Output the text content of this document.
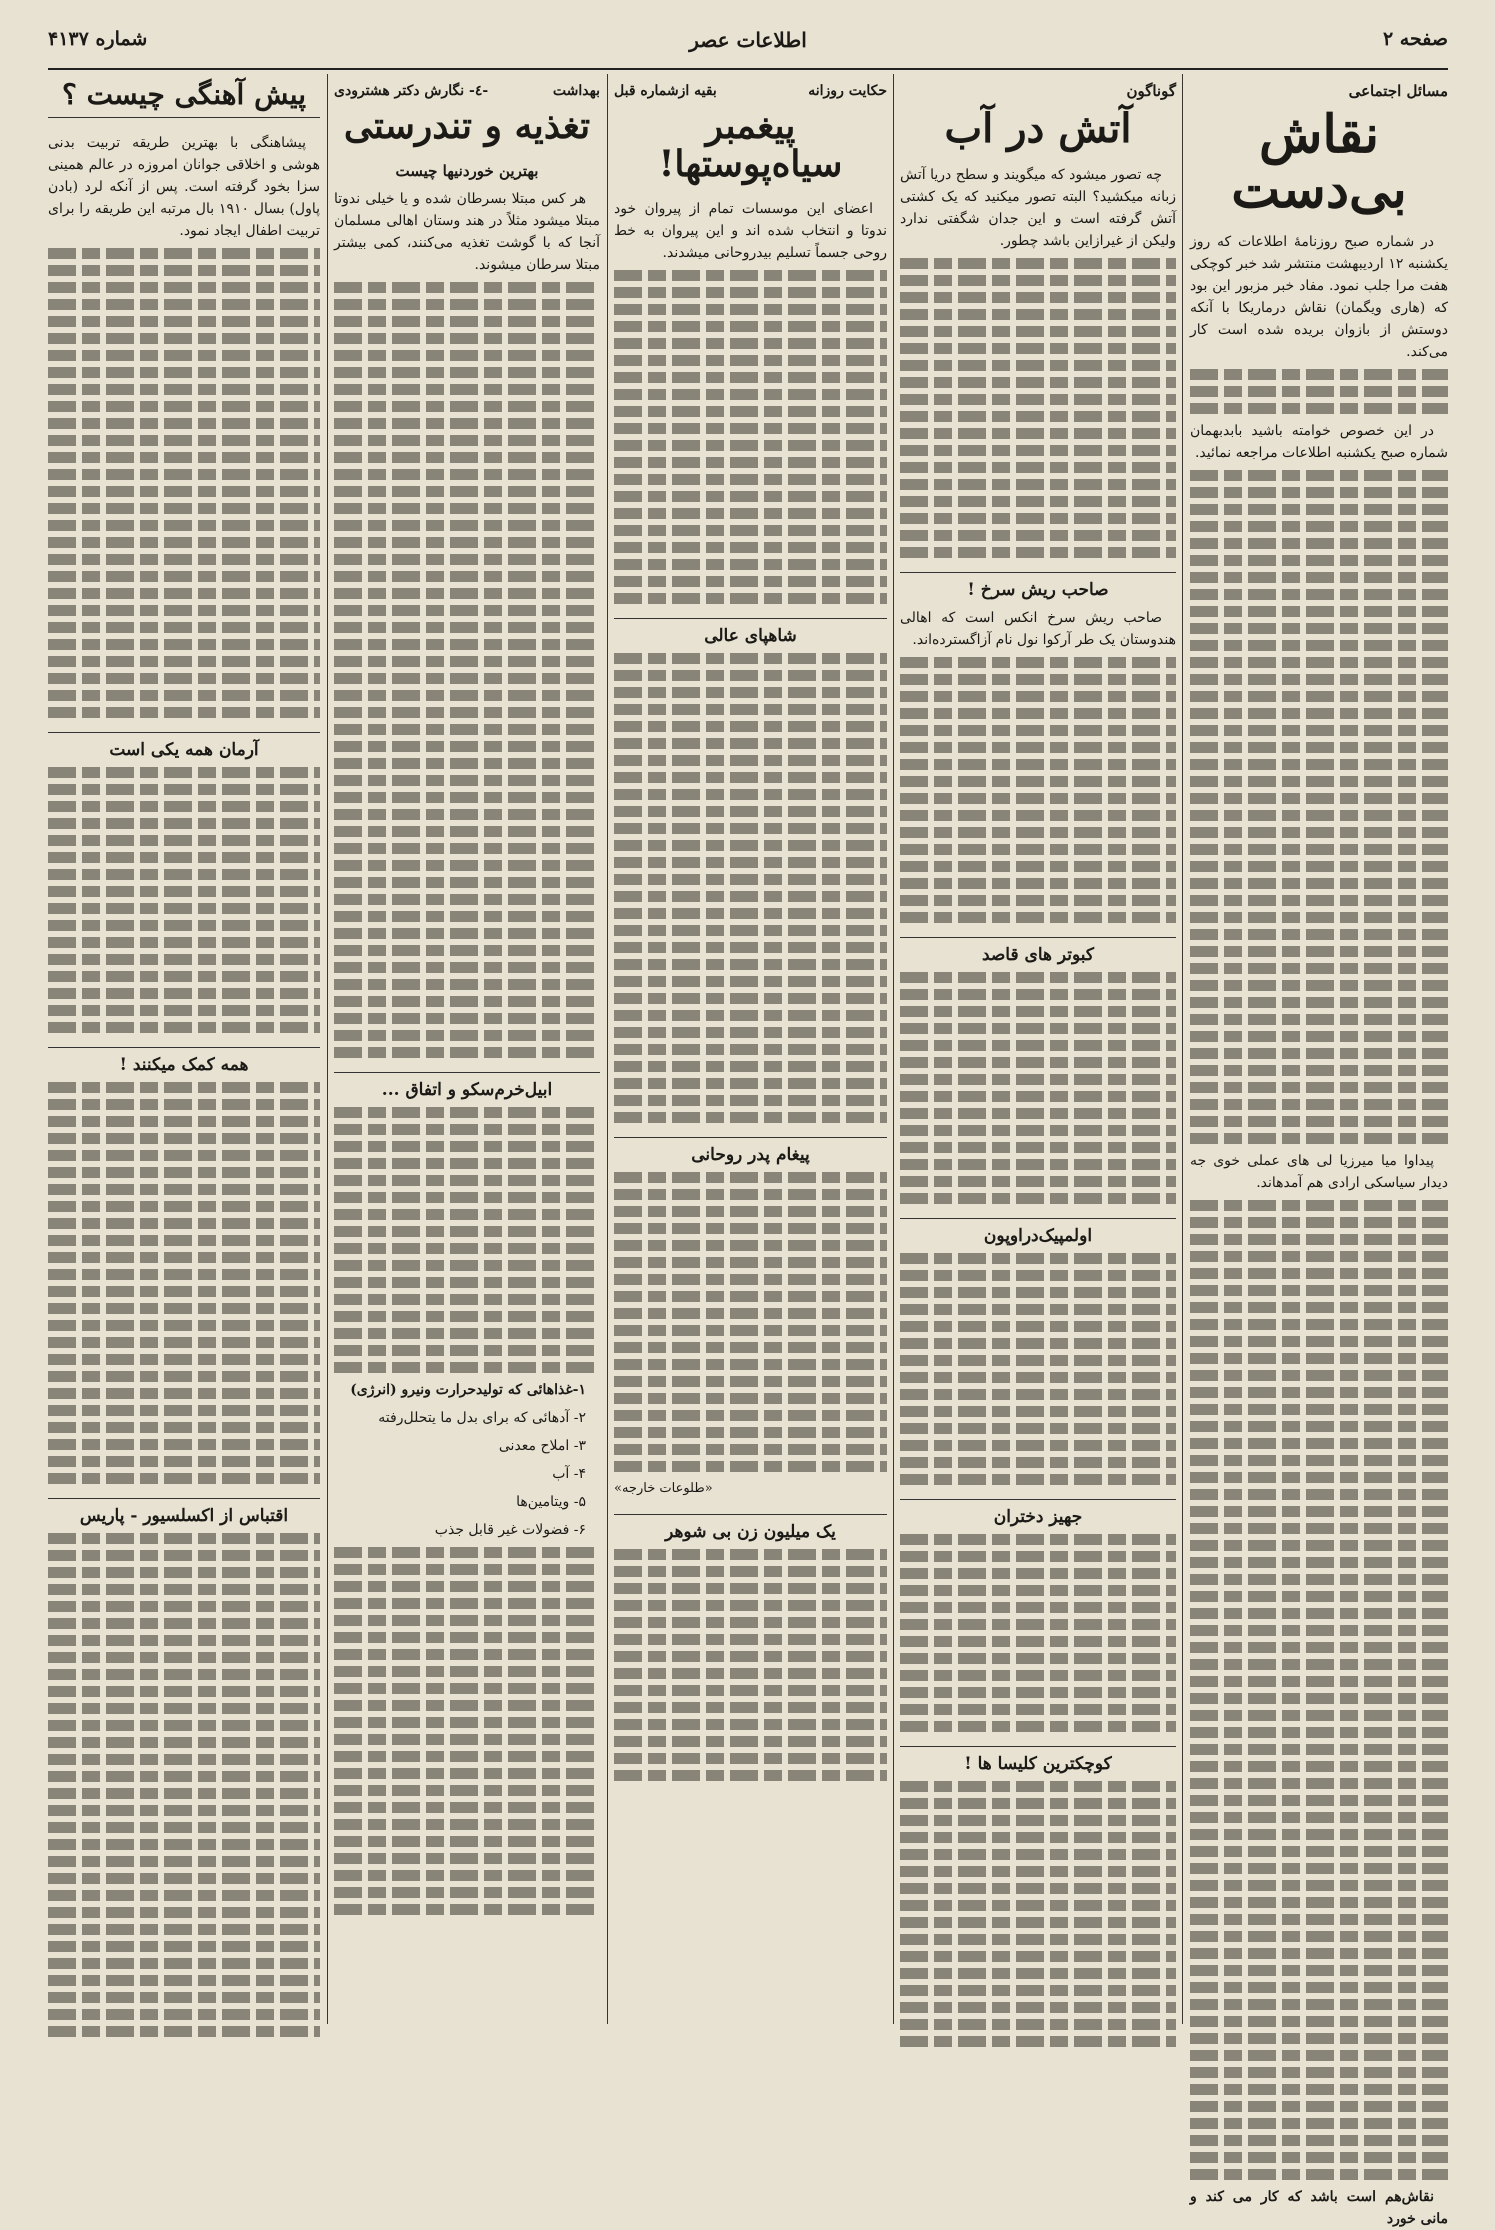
صفحه ۲
اطلاعات عصر
شماره ۴۱۳۷
مسائل اجتماعی
نقاش بی‌دست

در شماره صبح روزنامهٔ اطلاعات که روز یکشنبه ۱۲ اردیبهشت منتشر شد خبر کوچکی هفت مرا جلب نمود. مفاد خبر مزبور این بود که (هاری ویگمان) نقاش درماریکا با آنکه دوستش از بازوان بریده شده است کار می‌کند.

در این خصوص خوامته باشید بابدبهمان شماره صبح یکشنبه اطلاعات مراجعه نمائید.

پیداوا میا میرزیا لی های عملی خوی جه دیدار سیاسکی ارادی هم آمدهاند.

نقاش‌هم‌ است باشد که کار می کند و مانی‌ خورد

گوناگون
آتش در آب

چه تصور میشود که میگویند و سطح دریا آتش زبانه میکشید؟ البته تصور میکنید که یک کشتی آتش گرفته است و این جدان شگفتی ندارد ولیکن از غیرازاین باشد چطور.

صاحب ریش سرخ !

صاحب ریش سرخ انکس است که اهالی هندوستان یک طر آرکوا نول نام آزاگسترده‌اند.

کبوتر های قاصد
اولمپیک‌دراوپون
جهیز دختران
کوچکترین کلیسا ها !
حکایت روزانه
بقیه ازشماره قبل
پیغمبر سیاه‌پوستها!

اعضای این موسسات تمام از پیروان خود ندوتا و انتخاب شده اند و این پیروان به خط روحی جسماً تسلیم بیدروحانی میشدند.

شاهپای عالی
پیغام پدر روحانی
«طلوعات خارجه»
یک میلیون زن بی شوهر
بهداشت
-٤- نگارش دکتر هشترودی
تغذیه و تندرستی
بهترین خوردنیها چیست

هر کس مبتلا بسرطان شده و یا خیلی ندوتا مبتلا میشود مثلاً در هند وستان اهالی مسلمان آنجا که با گوشت تغذیه می‌کنند، کمی بیشتر مبتلا سرطان میشوند.

ابیل‌خرم‌سکو و اتفاق ...

۱-غذاهائی که تولیدحرارت ونیرو (انرژی)

۲- آدهائی که برای بدل ما یتحلل‌رفته

۳- املاح معدنی

۴- آب

۵- ویتامین‌ها

۶- فضولات غیر قابل جذب

پیش آهنگی چیست ؟

پیشاهنگی با بهترین طریقه تربیت بدنی هوشی و اخلاقی جوانان امروزه در عالم همینی سزا بخود گرفته است. پس از آنکه لرد (بادن پاول) بسال ۱۹۱۰ بال مرتبه این طریقه را برای تربیت اطفال ایجاد نمود.

آرمان همه یکی است
همه کمک میکنند !
اقتباس از اکسلسیور - پاریس
